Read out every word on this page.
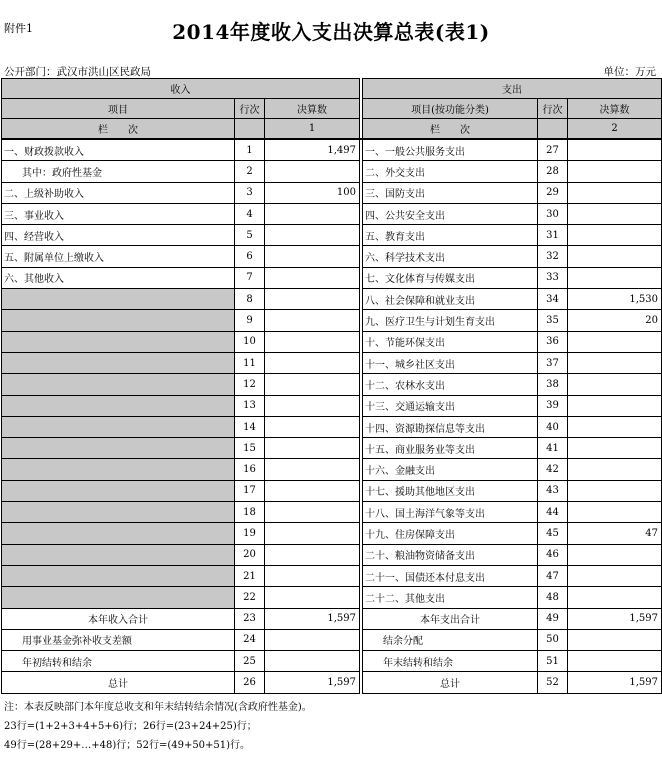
附件1	2014年度收入支出决算总表(表1)
公开部门：武汉市洪山区民政局	单位：万元
收入				支出		
项目	行次	决算数		项目(按功能分类)	行次	决算数
栏　　次		1		栏　　次		2
一、财政拨款收入	1	1,497		一、一般公共服务支出	27	
其中：政府性基金	2			二、外交支出	28	
二、上级补助收入	3	100		三、国防支出	29	
三、事业收入	4			四、公共安全支出	30	
四、经营收入	5			五、教育支出	31	
五、附属单位上缴收入	6			六、科学技术支出	32	
六、其他收入	7			七、文化体育与传媒支出	33	
	8			八、社会保障和就业支出	34	1,530
	9			九、医疗卫生与计划生育支出	35	20
	10			十、节能环保支出	36	
	11			十一、城乡社区支出	37	
	12			十二、农林水支出	38	
	13			十三、交通运输支出	39	
	14			十四、资源勘探信息等支出	40	
	15			十五、商业服务业等支出	41	
	16			十六、金融支出	42	
	17			十七、援助其他地区支出	43	
	18			十八、国土海洋气象等支出	44	
	19			十九、住房保障支出	45	47
	20			二十、粮油物资储备支出	46	
	21			二十一、国债还本付息支出	47	
	22			二十二、其他支出	48	
本年收入合计	23	1,597		本年支出合计	49	1,597
用事业基金弥补收支差额	24			结余分配	50	
年初结转和结余	25			年末结转和结余	51	
总计	26	1,597		总计	52	1,597
注：本表反映部门本年度总收支和年末结转结余情况(含政府性基金)。
23行=(1+2+3+4+5+6)行；26行=(23+24+25)行；
49行=(28+29+…+48)行；52行=(49+50+51)行。
